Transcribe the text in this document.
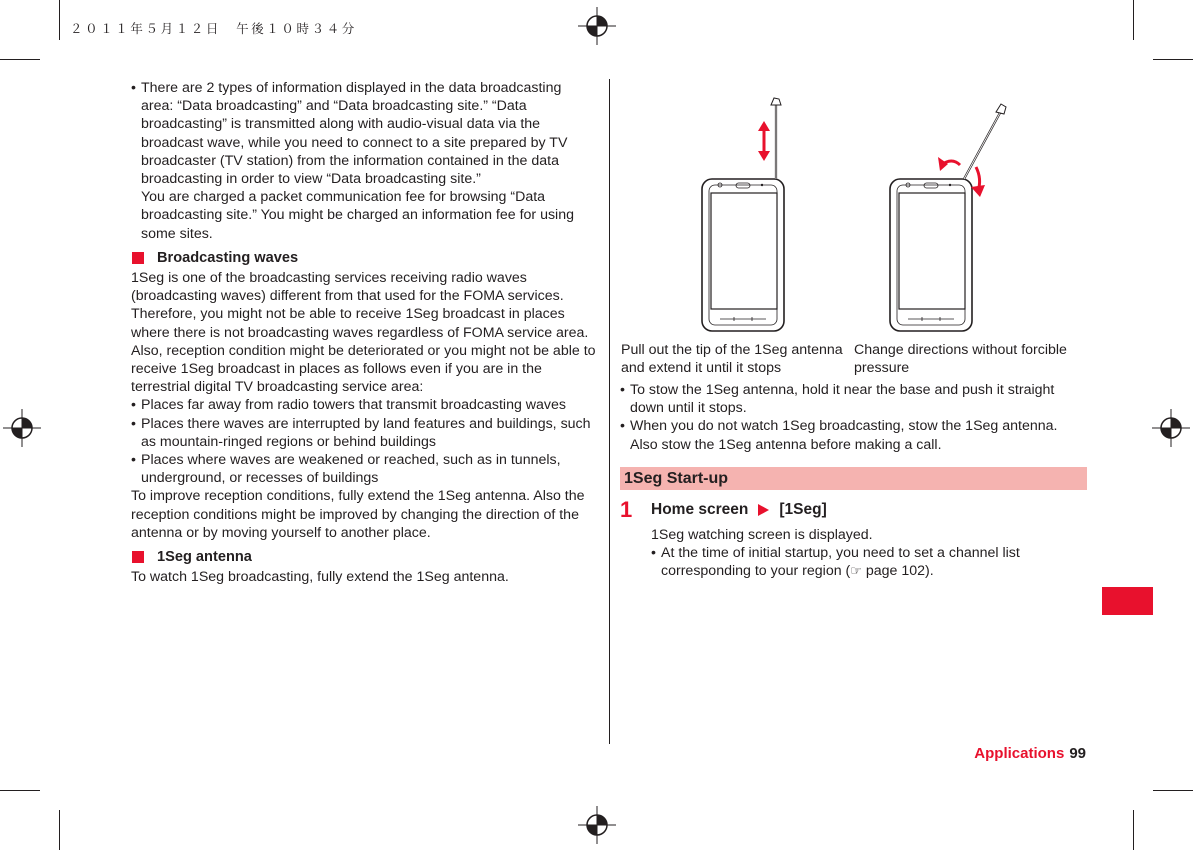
２０１１年５月１２日　午後１０時３４分

• There are 2 types of information displayed in the data broadcasting area: “Data broadcasting” and “Data broadcasting site.” “Data broadcasting” is transmitted along with audio-visual data via the broadcast wave, while you need to connect to a site prepared by TV broadcaster (TV station) from the information contained in the data broadcasting in order to view “Data broadcasting site.”

You are charged a packet communication fee for browsing “Data broadcasting site.” You might be charged an information fee for using some sites.

Broadcasting waves

1Seg is one of the broadcasting services receiving radio waves (broadcasting waves) different from that used for the FOMA services. Therefore, you might not be able to receive 1Seg broadcast in places where there is not broadcasting waves regardless of FOMA service area.

Also, reception condition might be deteriorated or you might not be able to receive 1Seg broadcast in places as follows even if you are in the terrestrial digital TV broadcasting service area:

• Places far away from radio towers that transmit broadcasting waves

• Places there waves are interrupted by land features and buildings, such as mountain-ringed regions or behind buildings

• Places where waves are weakened or reached, such as in tunnels, underground, or recesses of buildings

To improve reception conditions, fully extend the 1Seg antenna. Also the reception conditions might be improved by changing the direction of the antenna or by moving yourself to another place.

1Seg antenna

To watch 1Seg broadcasting, fully extend the 1Seg antenna.

Pull out the tip of the 1Seg antenna and extend it until it stops
Change directions without forcible pressure

• To stow the 1Seg antenna, hold it near the base and push it straight down until it stops.

• When you do not watch 1Seg broadcasting, stow the 1Seg antenna. Also stow the 1Seg antenna before making a call.

1Seg Start-up
1 Home screen [1Seg]

1Seg watching screen is displayed.

• At the time of initial startup, you need to set a channel list corresponding to your region (☞ page 102).

Applications 99
